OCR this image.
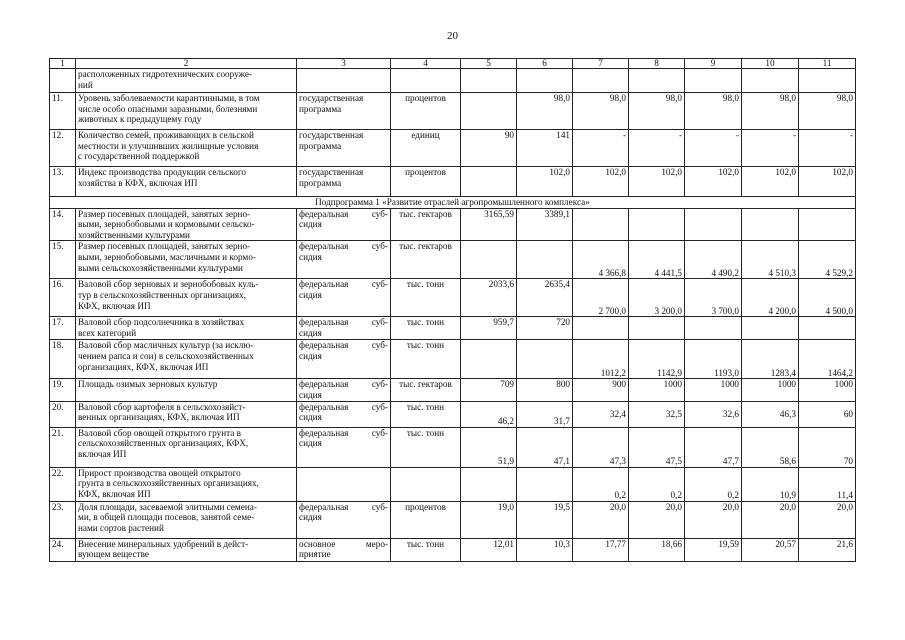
20
1	2	3	4	5	6	7	8	9	10	11
	расположенных гидротехнических сооруже-
ний									
11.	Уровень заболеваемости карантинными, в том
числе особо опасными заразными, болезнями
животных к предыдущему году	государственная
программа	процентов		98,0	98,0	98,0	98,0	98,0	98,0
12.	Количество семей, проживающих в сельской
местности и улучшивших жилищные условия
с государственной поддержкой	государственная
программа	единиц	90	141	-	-	-	-	-
13.	Индекс производства продукции сельского
хозяйства в КФХ, включая ИП	государственная
программа	процентов		102,0	102,0	102,0	102,0	102,0	102,0
Подпрограмма 1 «Развитие отраслей агропромышленного комплекса»										
14.	Размер посевных площадей, занятых зерно-
выми, зернобобовыми и кормовыми сельско-
хозяйственными культурами	федеральная суб-
сидия	тыс. гектаров	3165,59	3389,1					
15.	Размер посевных площадей, занятых зерно-
выми, зернобобовыми, масличными и кормо-
выми сельскохозяйственными культурами	федеральная суб-
сидия	тыс. гектаров			4 366,8	4 441,5	4 490,2	4 510,3	4 529,2
16.	Валовой сбор зерновых и зернобобовых куль-
тур в сельскохозяйственных организациях,
КФХ, включая ИП	федеральная суб-
сидия	тыс. тонн	2033,6	2635,4	2 700,0	3 200,0	3 700,0	4 200,0	4 500,0
17.	Валовой сбор подсолнечника в хозяйствах
всех категорий	федеральная суб-
сидия	тыс. тонн	959,7	720					
18.	Валовой сбор масличных культур (за исклю-
чением рапса и сои) в сельскохозяйственных
организациях, КФХ, включая ИП	федеральная суб-
сидия	тыс. тонн			1012,2	1142,9	1193,0	1283,4	1464,2
19.	Площадь озимых зерновых культур	федеральная суб-
сидия	тыс. гектаров	709	800	900	1000	1000	1000	1000
20.	Валовой сбор картофеля в сельскохозяйст-
венных организациях, КФХ, включая ИП	федеральная суб-
сидия	тыс. тонн	46,2	31,7	32,4	32,5	32,6	46,3	60
21.	Валовой сбор овощей открытого грунта в
сельскохозяйственных организациях, КФХ,
включая ИП	федеральная суб-
сидия	тыс. тонн	51,9	47,1	47,3	47,5	47,7	58,6	70
22.	Прирост производства овощей открытого
грунта в сельскохозяйственных организациях,
КФХ, включая ИП					0,2	0,2	0,2	10,9	11,4
23.	Доля площади, засеваемой элитными семена-
ми, в общей площади посевов, занятой семе-
нами сортов растений	федеральная суб-
сидия	процентов	19,0	19,5	20,0	20,0	20,0	20,0	20,0
24.	Внесение минеральных удобрений в дейст-
вующем веществе	основное меро-
приятие	тыс. тонн	12,01	10,3	17,77	18,66	19,59	20,57	21,6
